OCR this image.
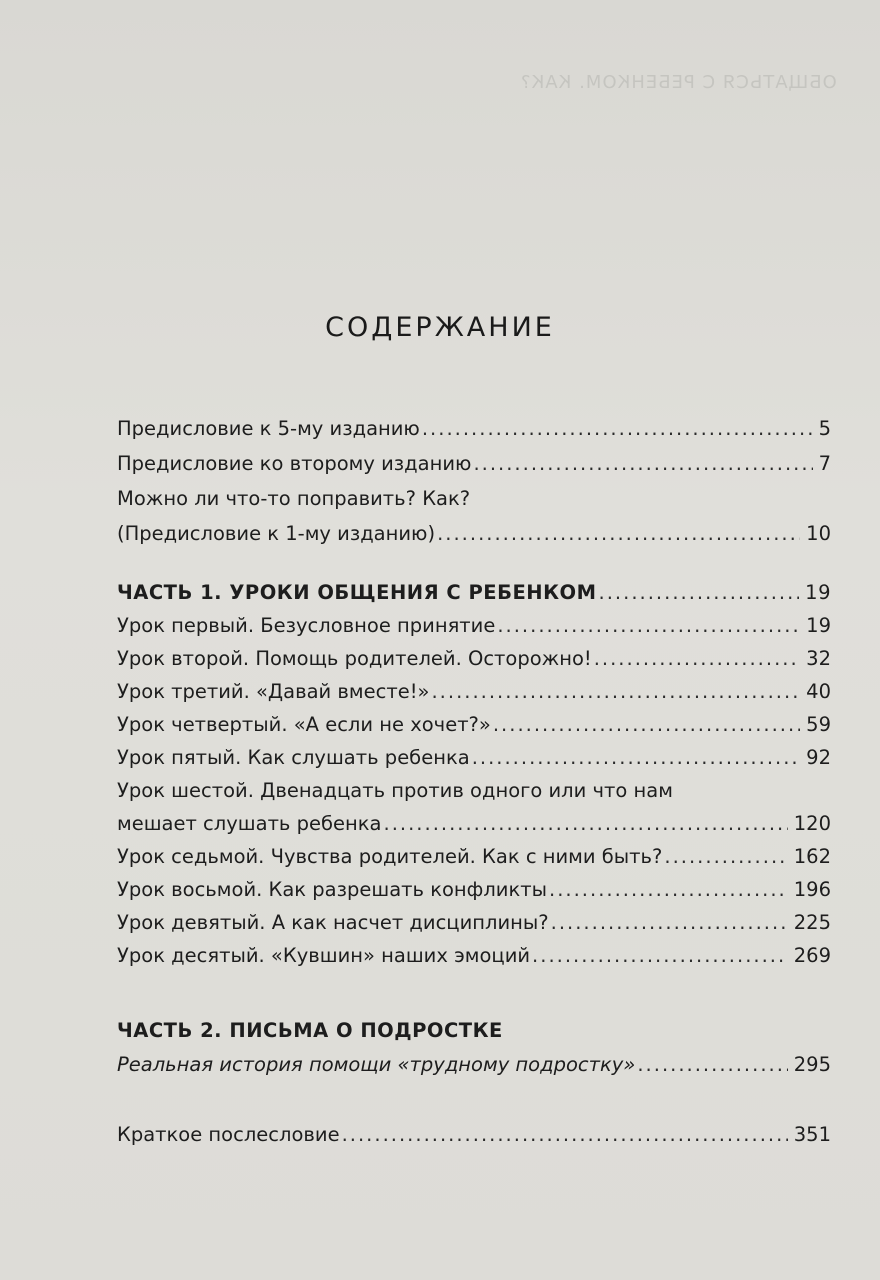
ОБЩАТЬСЯ С РЕБЕНКОМ. КАК?
СОДЕРЖАНИЕ
Предисловие к 5-му изданию .....	5
Предисловие ко второму изданию .....	7
Можно ли что-то поправить? Как?
(Предисловие к 1-му изданию) .....	10
ЧАСТЬ 1. УРОКИ ОБЩЕНИЯ С РЕБЕНКОМ .....	19
Урок первый. Безусловное принятие .....	19
Урок второй. Помощь родителей. Осторожно! .....	32
Урок третий. «Давай вместе!» .....	40
Урок четвертый. «А если не хочет?» .....	59
Урок пятый. Как слушать ребенка .....	92
Урок шестой. Двенадцать против одного или что нам
мешает слушать ребенка .....	120
Урок седьмой. Чувства родителей. Как с ними быть? .....	162
Урок восьмой. Как разрешать конфликты .....	196
Урок девятый. А как насчет дисциплины? .....	225
Урок десятый. «Кувшин» наших эмоций .....	269
ЧАСТЬ 2. ПИСЬМА О ПОДРОСТКЕ
Реальная история помощи «трудному подростку» .....	295
Краткое послесловие .....	351
